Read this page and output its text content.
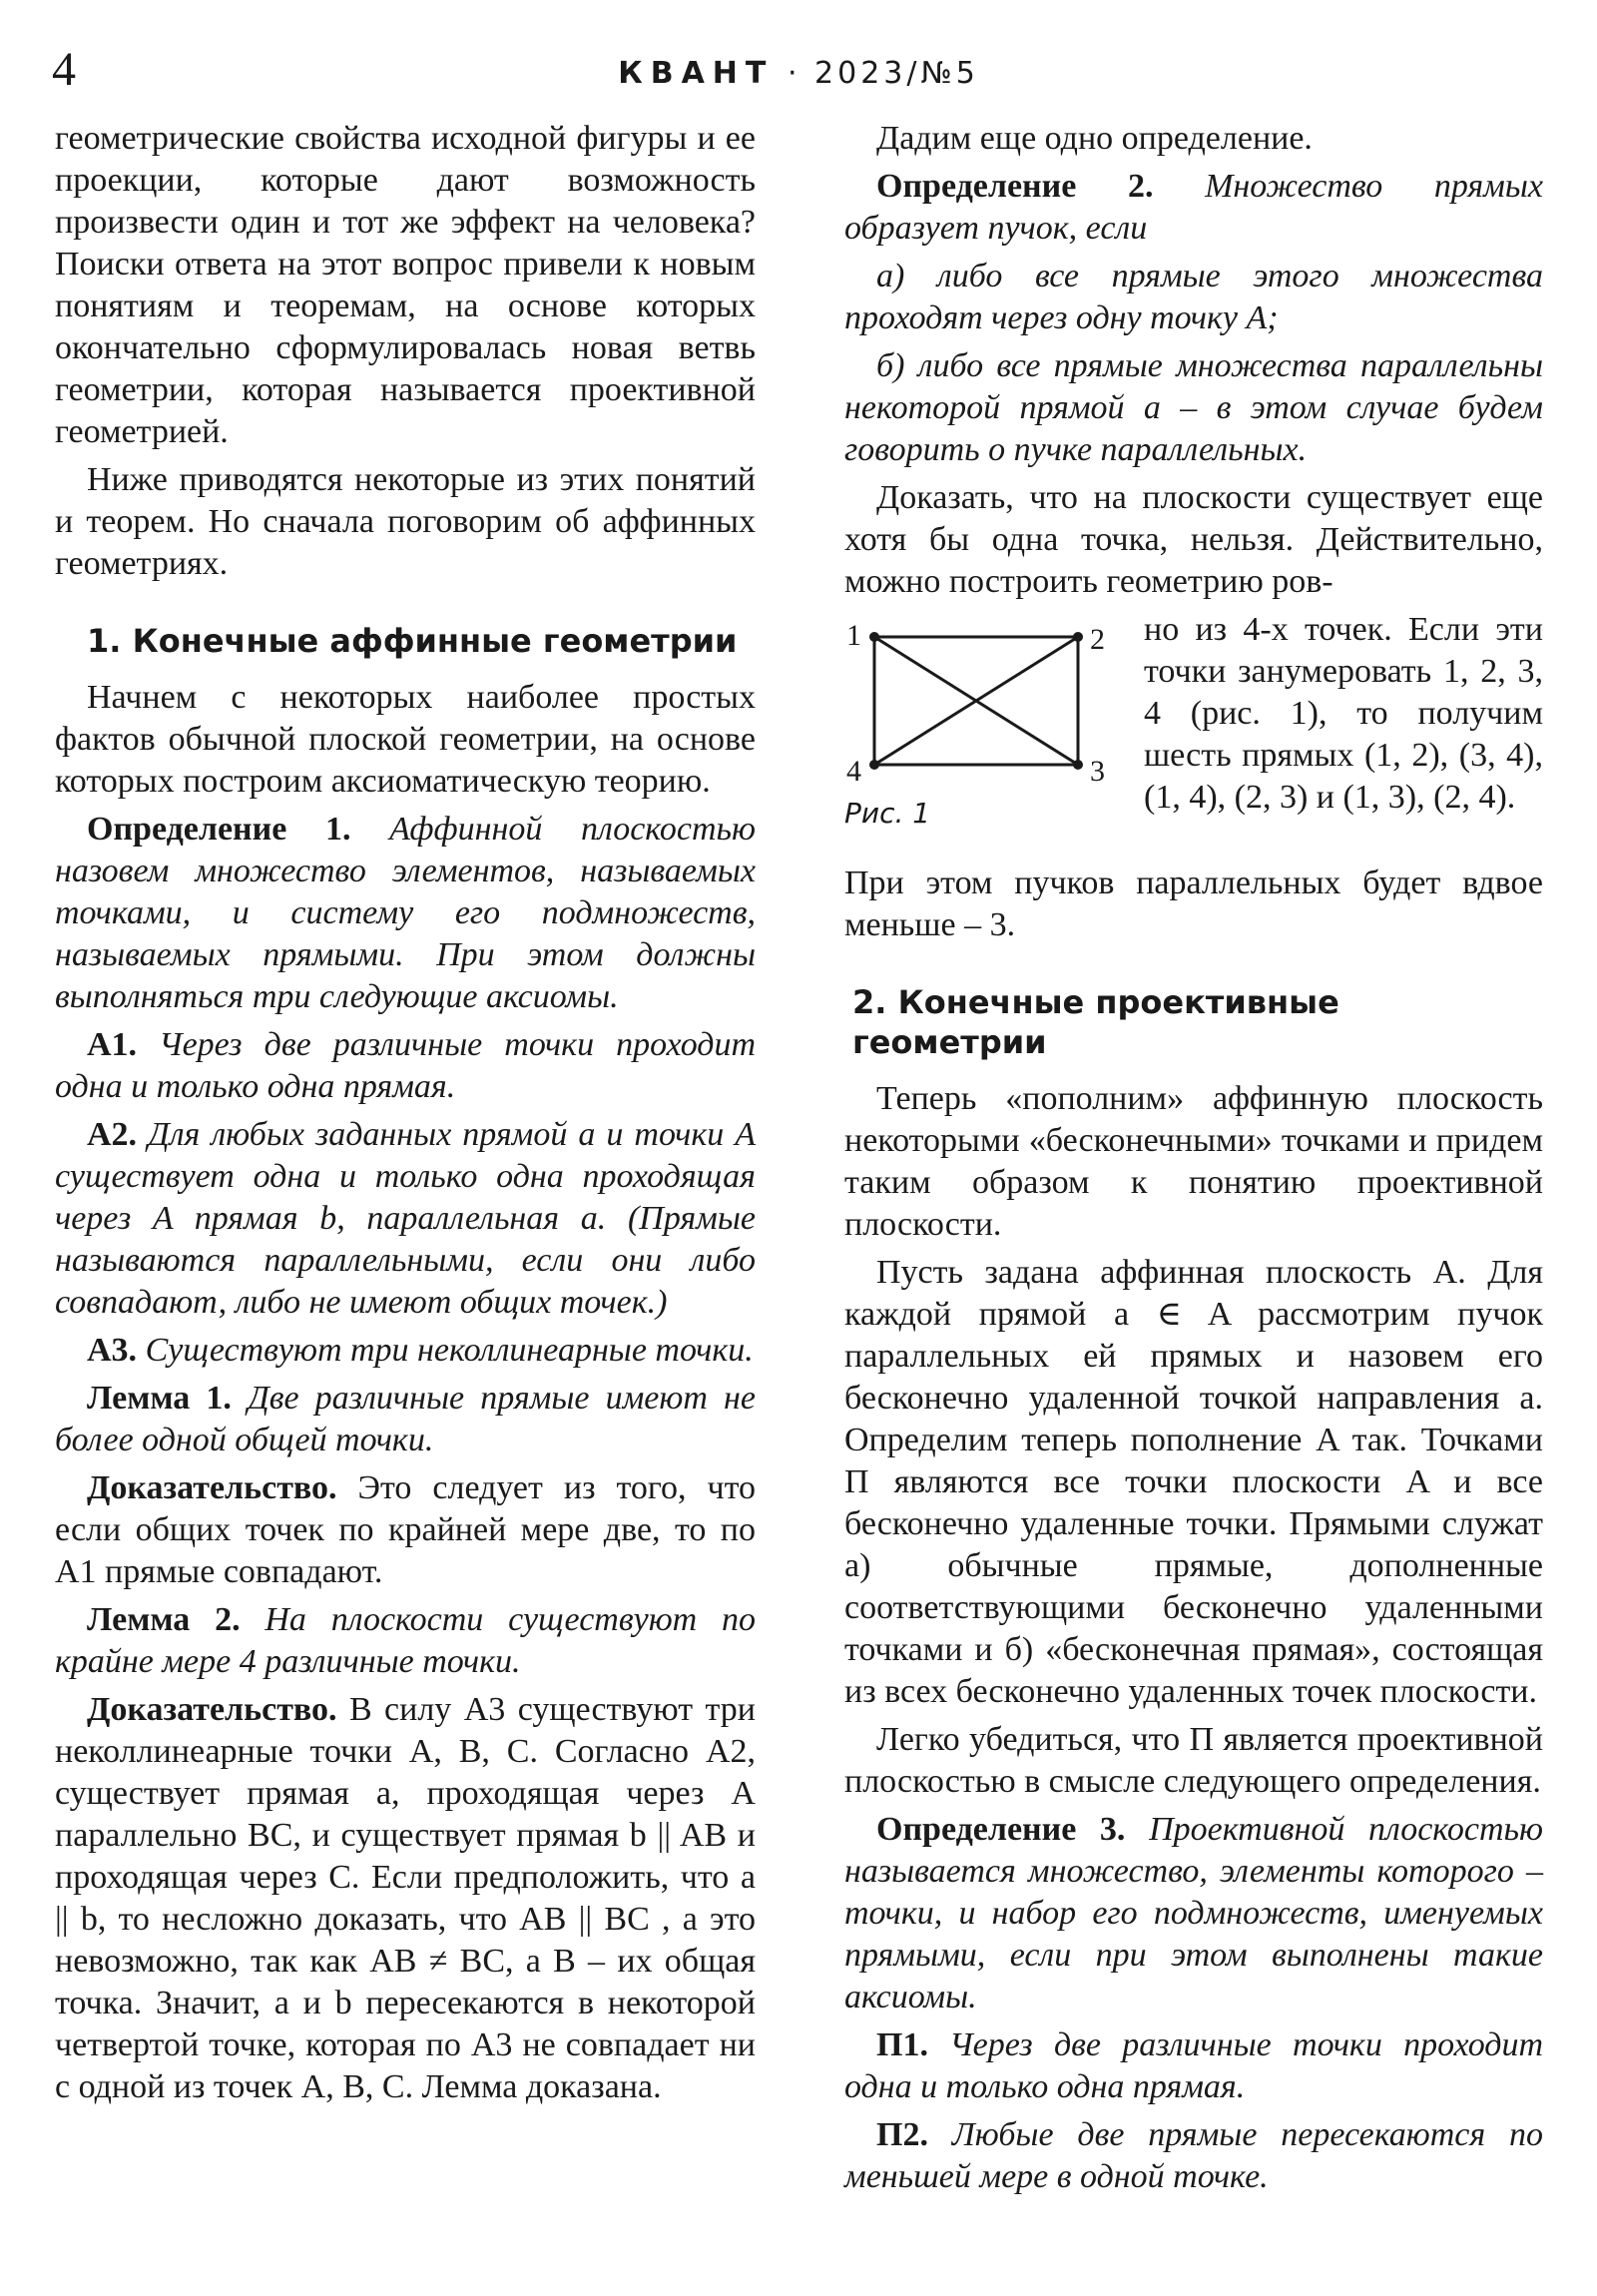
4	КВАНТ · 2023/№5

геометрические свойства исходной фигуры и ее проекции, которые дают возможность произвести один и тот же эффект на человека? Поиски ответа на этот вопрос привели к новым понятиям и теоремам, на основе которых окончательно сформулировалась новая ветвь геометрии, которая называется проективной геометрией.

Ниже приводятся некоторые из этих понятий и теорем. Но сначала поговорим об аффинных геометриях.

1. Конечные аффинные геометрии

Начнем с некоторых наиболее простых фактов обычной плоской геометрии, на основе которых построим аксиоматическую теорию.

Определение 1. Аффинной плоскостью назовем множество элементов, называемых точками, и систему его подмножеств, называемых прямыми. При этом должны выполняться три следующие аксиомы.

А1. Через две различные точки проходит одна и только одна прямая.

А2. Для любых заданных прямой a и точки A существует одна и только одна проходящая через A прямая b, параллельная a. (Прямые называются параллельными, если они либо совпадают, либо не имеют общих точек.)

А3. Существуют три неколлинеарные точки.

Лемма 1. Две различные прямые имеют не более одной общей точки.

Доказательство. Это следует из того, что если общих точек по крайней мере две, то по А1 прямые совпадают.

Лемма 2. На плоскости существуют по крайне мере 4 различные точки.

Доказательство. В силу А3 существуют три неколлинеарные точки A, B, C. Согласно А2, существует прямая a, проходящая через A параллельно BC, и существует прямая b || AB и проходящая через C. Если предположить, что a || b, то несложно доказать, что AB || BC , а это невозможно, так как AB ≠ BC, а B – их общая точка. Значит, a и b пересекаются в некоторой четвертой точке, которая по А3 не совпадает ни с одной из точек A, B, C. Лемма доказана.

Дадим еще одно определение.

Определение 2. Множество прямых образует пучок, если

а) либо все прямые этого множества проходят через одну точку A;

б) либо все прямые множества параллельны некоторой прямой a – в этом случае будем говорить о пучке параллельных.

Доказать, что на плоскости существует еще хотя бы одна точка, нельзя. Действительно, можно построить геометрию ров-

1	2
3
4
Рис. 1
но из 4-х точек. Если эти точки занумеровать 1, 2, 3, 4 (рис. 1), то получим шесть прямых (1, 2), (3, 4), (1, 4), (2, 3) и (1, 3), (2, 4).

При этом пучков параллельных будет вдвое меньше – 3.

2. Конечные проективные геометрии

Теперь «пополним» аффинную плоскость некоторыми «бесконечными» точками и придем таким образом к понятию проективной плоскости.

Пусть задана аффинная плоскость A. Для каждой прямой a ∈ A рассмотрим пучок параллельных ей прямых и назовем его бесконечно удаленной точкой направления a. Определим теперь пополнение A так. Точками П являются все точки плоскости A и все бесконечно удаленные точки. Прямыми служат а) обычные прямые, дополненные соответствующими бесконечно удаленными точками и б) «бесконечная прямая», состоящая из всех бесконечно удаленных точек плоскости.

Легко убедиться, что П является проективной плоскостью в смысле следующего определения.

Определение 3. Проективной плоскостью называется множество, элементы которого – точки, и набор его подмножеств, именуемых прямыми, если при этом выполнены такие аксиомы.

П1. Через две различные точки проходит одна и только одна прямая.

П2. Любые две прямые пересекаются по меньшей мере в одной точке.
